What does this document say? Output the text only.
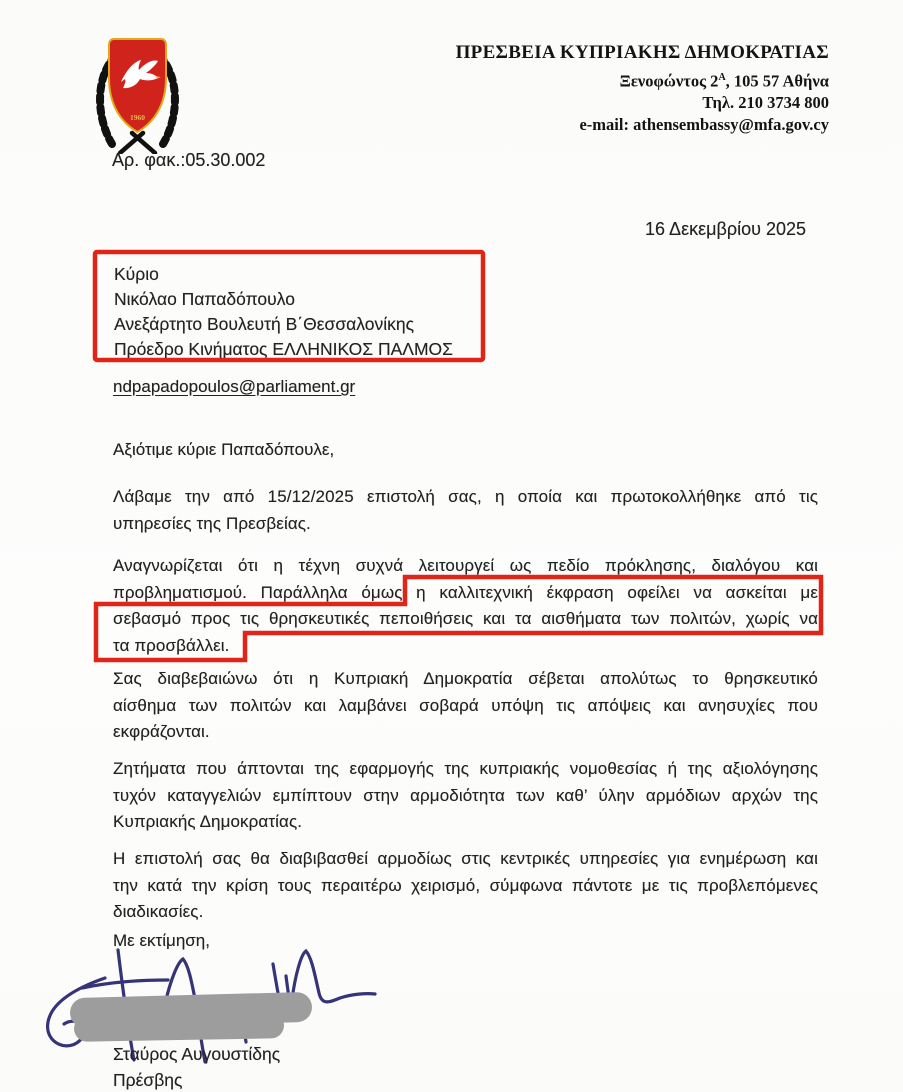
1960
ΠΡΕΣΒΕΙΑ ΚΥΠΡΙΑΚΗΣ ΔΗΜΟΚΡΑΤΙΑΣ
Ξενοφώντος $2^A$, 105 57 Αθήνα
Τηλ. 210 3734 800
e-mail: athensembassy@mfa.gov.cy
Αρ. φακ.:05.30.002
16 Δεκεμβρίου 2025
Κύριο
Νικόλαο Παπαδόπουλο
Ανεξάρτητο Βουλευτή Β΄Θεσσαλονίκης
Πρόεδρο Κινήματος ΕΛΛΗΝΙΚΟΣ ΠΑΛΜΟΣ
ndpapadopoulos@parliament.gr
Αξιότιμε κύριε Παπαδόπουλε,
Λάβαμε την από 15/12/2025 επιστολή σας, η οποία και πρωτοκολλήθηκε από τις
υπηρεσίες της Πρεσβείας.
Αναγνωρίζεται ότι η τέχνη συχνά λειτουργεί ως πεδίο πρόκλησης, διαλόγου και
προβληματισμού. Παράλληλα όμως η καλλιτεχνική έκφραση οφείλει να ασκείται με
σεβασμό προς τις θρησκευτικές πεποιθήσεις και τα αισθήματα των πολιτών, χωρίς να
τα προσβάλλει.
Σας διαβεβαιώνω ότι η Κυπριακή Δημοκρατία σέβεται απολύτως το θρησκευτικό
αίσθημα των πολιτών και λαμβάνει σοβαρά υπόψη τις απόψεις και ανησυχίες που
εκφράζονται.
Ζητήματα που άπτονται της εφαρμογής της κυπριακής νομοθεσίας ή της αξιολόγησης
τυχόν καταγγελιών εμπίπτουν στην αρμοδιότητα των καθ’ ύλην αρμόδιων αρχών της
Κυπριακής Δημοκρατίας.
Η επιστολή σας θα διαβιβασθεί αρμοδίως στις κεντρικές υπηρεσίες για ενημέρωση και
την κατά την κρίση τους περαιτέρω χειρισμό, σύμφωνα πάντοτε με τις προβλεπόμενες
διαδικασίες.
Με εκτίμηση,
Σταύρος Αυγουστίδης
Πρέσβης
